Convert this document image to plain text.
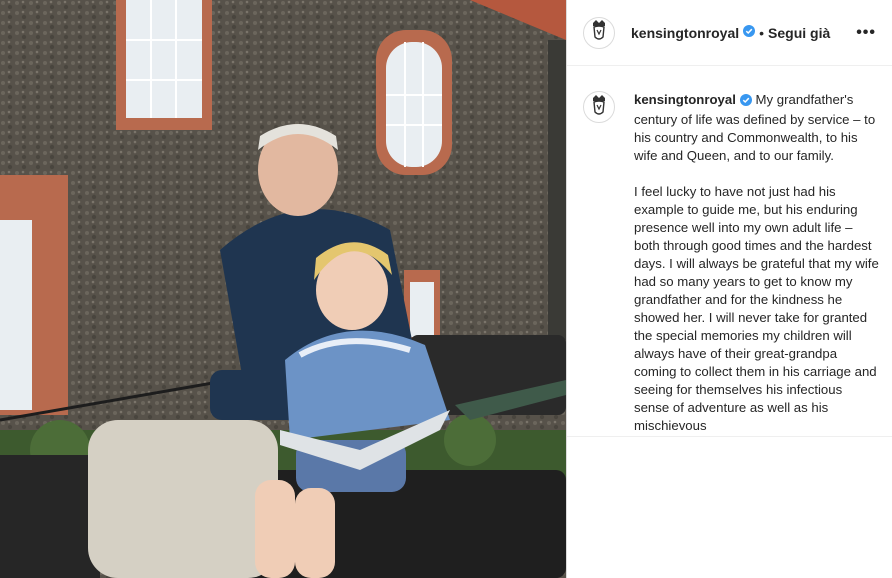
kensingtonroyal • Segui già •••
kensingtonroyal My grandfather's century of life was defined by service – to his country and Commonwealth, to his wife and Queen, and to our family.
I feel lucky to have not just had his example to guide me, but his enduring presence well into my own adult life – both through good times and the hardest days. I will always be grateful that my wife had so many years to get to know my grandfather and for the kindness he showed her. I will never take for granted the special memories my children will always have of their great-grandpa coming to collect them in his carriage and seeing for themselves his infectious sense of adventure as well as his mischievous
